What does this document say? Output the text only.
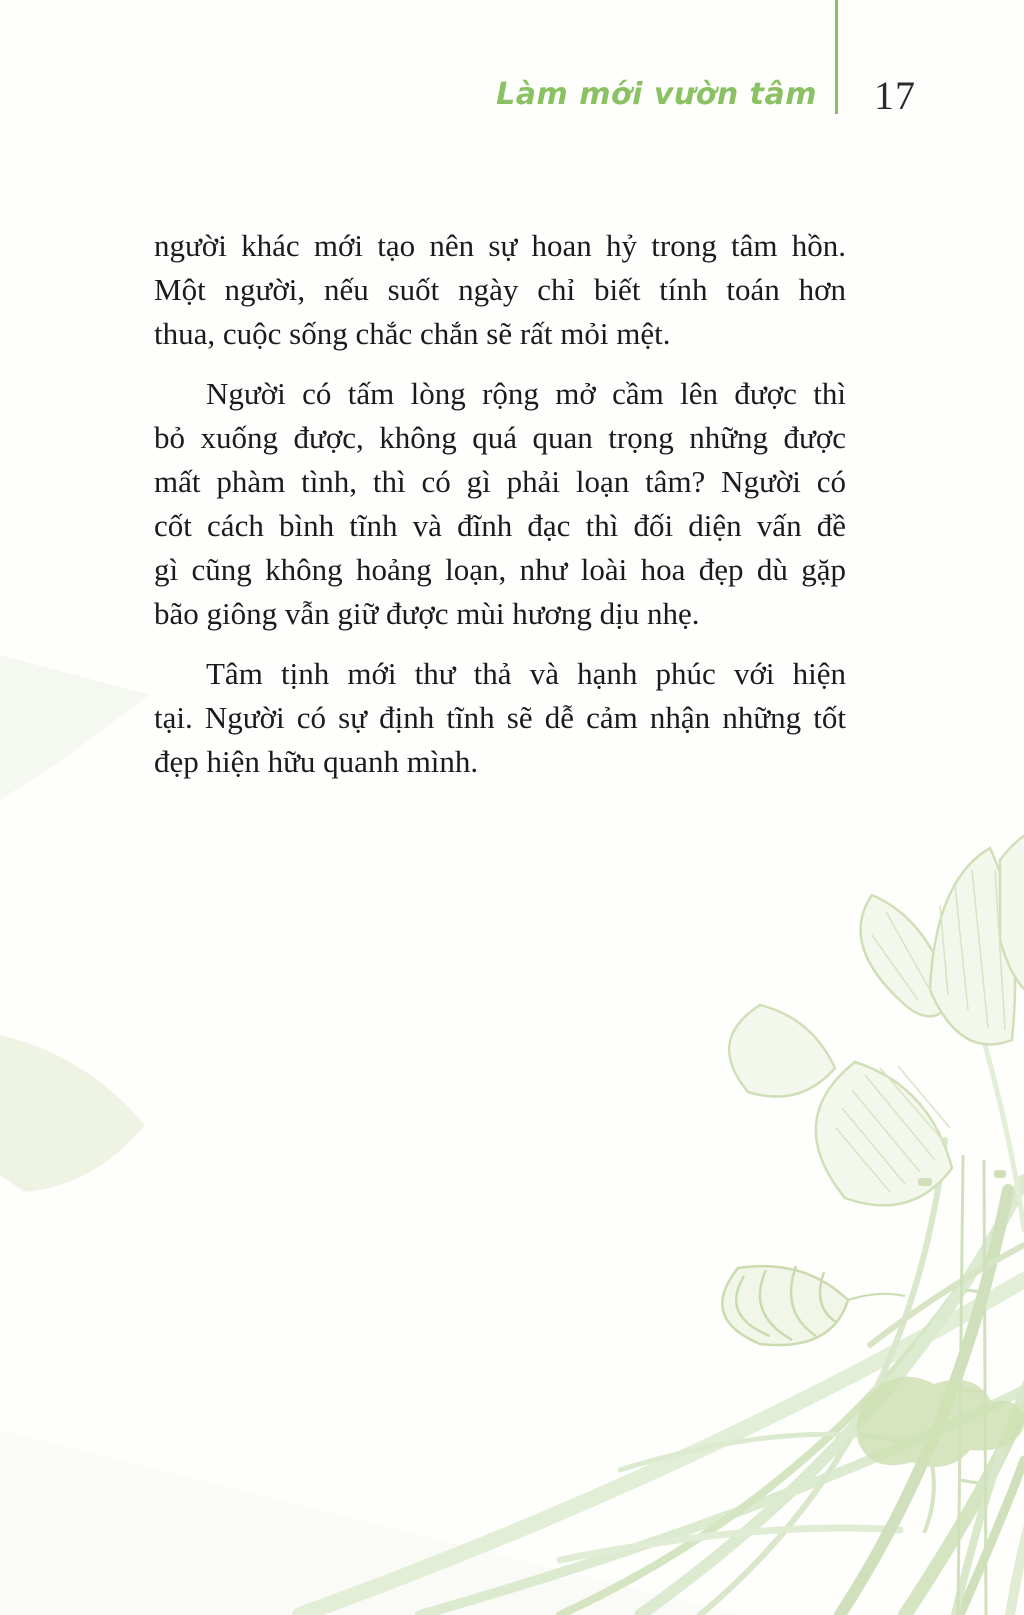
Làm mới vườn tâm 17

người khác mới tạo nên sự hoan hỷ trong tâm hồn.
Một người, nếu suốt ngày chỉ biết tính toán hơn
thua, cuộc sống chắc chắn sẽ rất mỏi mệt.

Người có tấm lòng rộng mở cầm lên được thì
bỏ xuống được, không quá quan trọng những được
mất phàm tình, thì có gì phải loạn tâm? Người có
cốt cách bình tĩnh và đĩnh đạc thì đối diện vấn đề
gì cũng không hoảng loạn, như loài hoa đẹp dù gặp
bão giông vẫn giữ được mùi hương dịu nhẹ.

Tâm tịnh mới thư thả và hạnh phúc với hiện
tại. Người có sự định tĩnh sẽ dễ cảm nhận những tốt
đẹp hiện hữu quanh mình.
